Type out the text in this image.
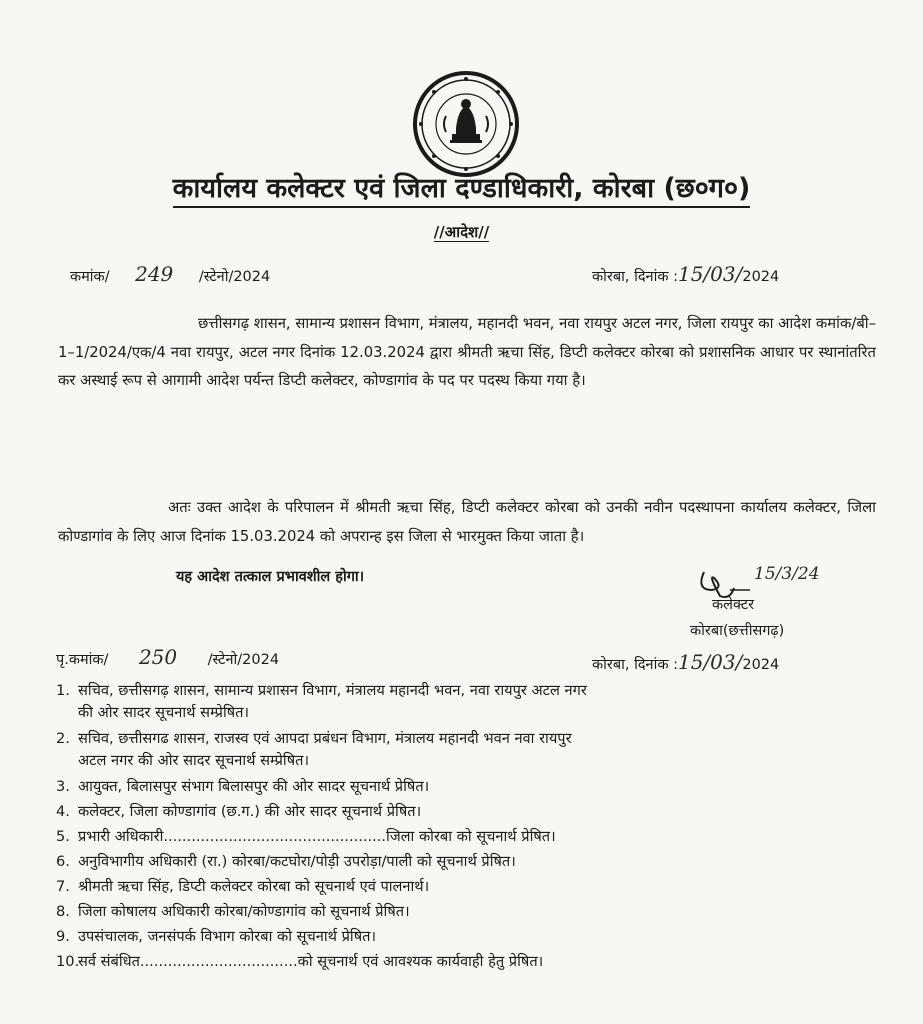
कार्यालय कलेक्टर एवं जिला दण्डाधिकारी, कोरबा (छ०ग०)
//आदेश//
कमांक/ 249 /स्टेनो/2024	कोरबा, दिनांक :15/03/2024
छत्तीसगढ़ शासन, सामान्य प्रशासन विभाग, मंत्रालय, महानदी भवन, नवा रायपुर अटल नगर, जिला रायपुर का आदेश कमांक/बी–1–1/2024/एक/4 नवा रायपुर, अटल नगर दिनांक 12.03.2024 द्वारा श्रीमती ऋचा सिंह, डिप्टी कलेक्टर कोरबा को प्रशासनिक आधार पर स्थानांतरित कर अस्थाई रूप से आगामी आदेश पर्यन्त डिप्टी कलेक्टर, कोण्डागांव के पद पर पदस्थ किया गया है।
अतः उक्त आदेश के परिपालन में श्रीमती ऋचा सिंह, डिप्टी कलेक्टर कोरबा को उनकी नवीन पदस्थापना कार्यालय कलेक्टर, जिला कोण्डागांव के लिए आज दिनांक 15.03.2024 को अपरान्ह इस जिला से भारमुक्त किया जाता है।
यह आदेश तत्काल प्रभावशील होगा।	15/3/24
कलेक्टर
कोरबा(छत्तीसगढ़)
पृ.कमांक/ 250 /स्टेनो/2024	कोरबा, दिनांक :15/03/2024
1. सचिव, छत्तीसगढ़ शासन, सामान्य प्रशासन विभाग, मंत्रालय महानदी भवन, नवा रायपुर अटल नगर
की ओर सादर सूचनार्थ सम्प्रेषित।
2. सचिव, छत्तीसगढ शासन, राजस्व एवं आपदा प्रबंधन विभाग, मंत्रालय महानदी भवन नवा रायपुर
अटल नगर की ओर सादर सूचनार्थ सम्प्रेषित।
3. आयुक्त, बिलासपुर संभाग बिलासपुर की ओर सादर सूचनार्थ प्रेषित।
4. कलेक्टर, जिला कोण्डागांव (छ.ग.) की ओर सादर सूचनार्थ प्रेषित।
5. प्रभारी अधिकारी................................................जिला कोरबा को सूचनार्थ प्रेषित।
6. अनुविभागीय अधिकारी (रा.) कोरबा/कटघोरा/पोड़ी उपरोड़ा/पाली को सूचनार्थ प्रेषित।
7. श्रीमती ऋचा सिंह, डिप्टी कलेक्टर कोरबा को सूचनार्थ एवं पालनार्थ।
8. जिला कोषालय अधिकारी कोरबा/कोण्डागांव को सूचनार्थ प्रेषित।
9. उपसंचालक, जनसंपर्क विभाग कोरबा को सूचनार्थ प्रेषित।
10.
सर्व संबंधित..................................को सूचनार्थ एवं आवश्यक कार्यवाही हेतु प्रेषित।
